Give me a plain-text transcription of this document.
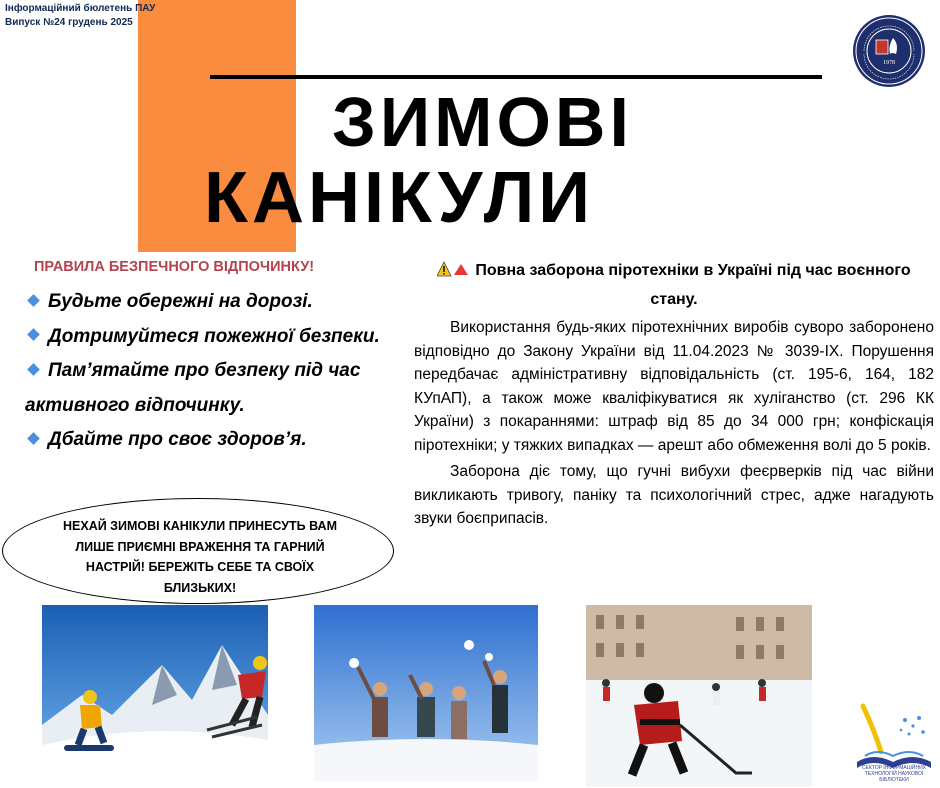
Інформаційний бюлетень ПАУ
Випуск №24 грудень 2025
ЗИМОВІ
КАНІКУЛИ
1978
ПРАВИЛА БЕЗПЕЧНОГО ВІДПОЧИНКУ!
Будьте обережні на дорозі.
Дотримуйтеся пожежної безпеки.
Пам’ятайте про безпеку під час активного відпочинку.
Дбайте про своє здоров’я.
НЕХАЙ ЗИМОВІ КАНІКУЛИ ПРИНЕСУТЬ ВАМ ЛИШЕ ПРИЄМНІ ВРАЖЕННЯ ТА ГАРНИЙ НАСТРІЙ! БЕРЕЖІТЬ СЕБЕ ТА СВОЇХ БЛИЗЬКИХ!
Повна заборона піротехніки в Україні під час воєнного стану.

Використання будь-яких піротехнічних виробів суворо заборонено відповідно до Закону України від 11.04.2023 № 3039-IX. Порушення передбачає адміністративну відповідальність (ст. 195-6, 164, 182 КУпАП), а також може кваліфікуватися як хуліганство (ст. 296 КК України) з покараннями: штраф від 85 до 34 000 грн; конфіскація піротехніки; у тяжких випадках — арешт або обмеження волі до 5 років.

Заборона діє тому, що гучні вибухи феєрверків під час війни викликають тривогу, паніку та психологічний стрес, адже нагадують звуки боєприпасів.

СЕКТОР ІНФОРМАЦІЙНИХ ТЕХНОЛОГІЙ НАУКОВОЇ БІБЛІОТЕКИ
